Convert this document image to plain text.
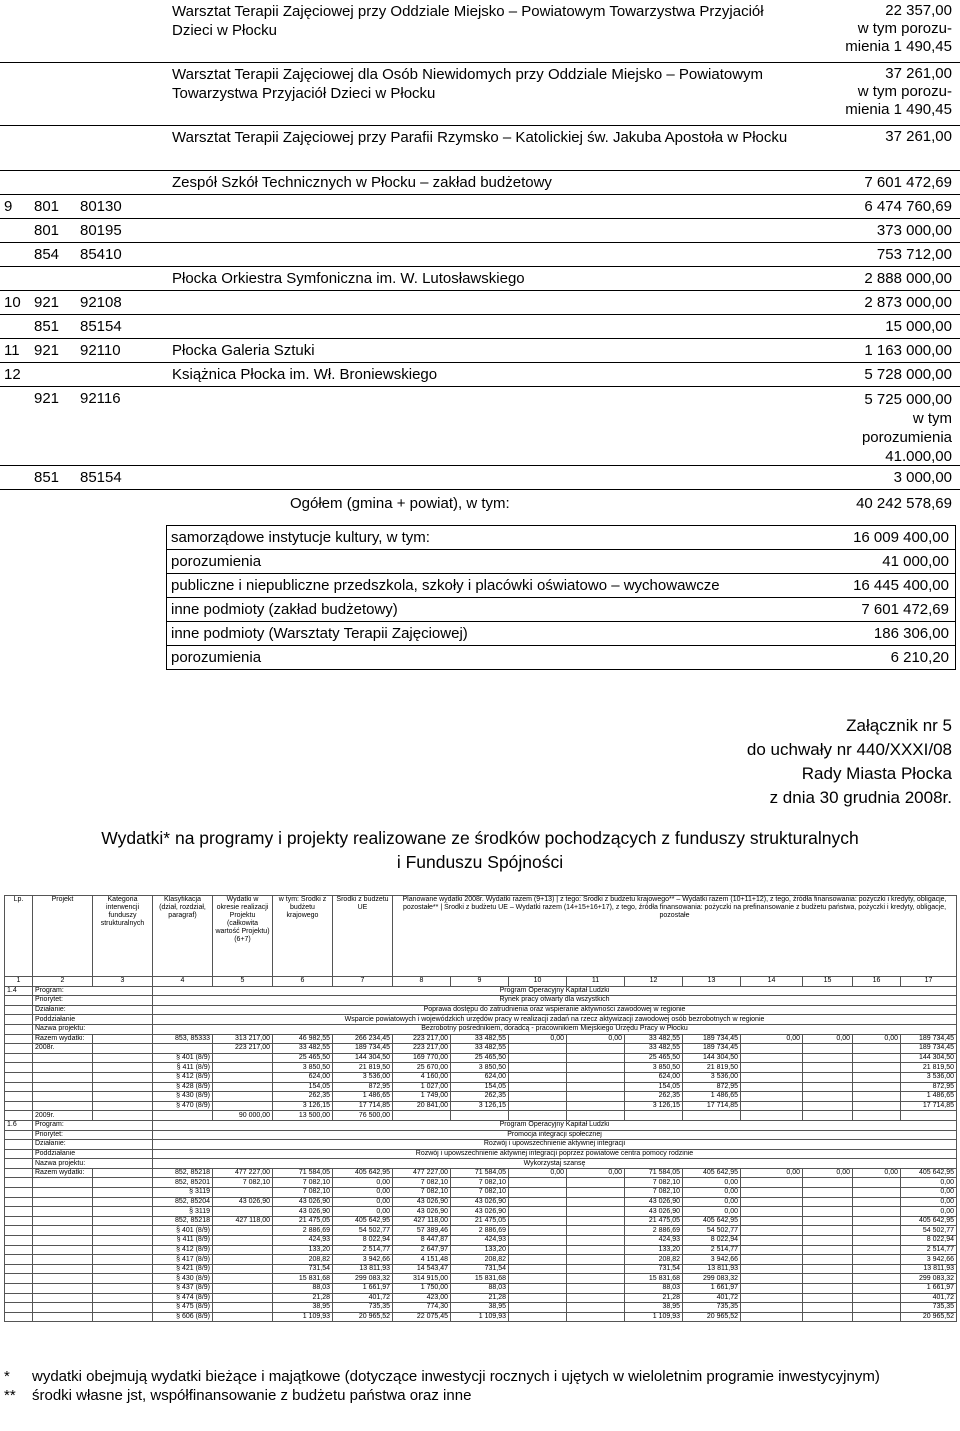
Warsztat Terapii Zajęciowej przy Oddziale Miejsko – Powiatowym Towarzystwa Przyjaciół Dzieci w Płocku
22 357,00
w tym porozu-
mienia 1 490,45
Warsztat Terapii Zajęciowej dla Osób Niewidomych przy Oddziale Miejsko – Powiatowym Towarzystwa Przyjaciół Dzieci w Płocku
37 261,00
w tym porozu-
mienia 1 490,45
Warsztat Terapii Zajęciowej przy Parafii Rzymsko – Katolickiej św. Jakuba Apostoła w Płocku	37 261,00
Zespół Szkół Technicznych w Płocku – zakład budżetowy	7 601 472,69
9 801 80130	6 474 760,69
801 80195	373 000,00
854 85410	753 712,00
Płocka Orkiestra Symfoniczna im. W. Lutosławskiego	2 888 000,00
10 921 92108	2 873 000,00
851 85154	15 000,00
11 921 92110	Płocka Galeria Sztuki	1 163 000,00
12	Książnica Płocka im. Wł. Broniewskiego	5 728 000,00
921 92116	5 725 000,00
w tym
porozumienia
41.000,00
851 85154	3 000,00
Ogółem (gmina + powiat), w tym:	40 242 578,69
samorządowe instytucje kultury, w tym:	16 009 400,00
porozumienia	41 000,00
publiczne i niepubliczne przedszkola, szkoły i placówki oświatowo – wychowawcze	16 445 400,00
inne podmioty (zakład budżetowy)	7 601 472,69
inne podmioty (Warsztaty Terapii Zajęciowej)	186 306,00
porozumienia	6 210,20
Załącznik nr 5
do uchwały nr 440/XXXI/08
Rady Miasta Płocka
z dnia 30 grudnia 2008r.
Wydatki* na programy i projekty realizowane ze środków pochodzących z funduszy strukturalnych
i Funduszu Spójności
Lp.	Projekt	Kategoria interwencji funduszy strukturalnych	Klasyfikacja (dział, rozdział, paragraf)	Wydatki w okresie realizacji Projektu (całkowita wartość Projektu) (6+7)	w tym: Środki z budżetu krajowego	Środki z budżetu UE	Planowane wydatki 2008r. Wydatki razem (9+13) | z tego: Środki z budżetu krajowego** – Wydatki razem (10+11+12), z tego, źródła finansowania: pożyczki i kredyty, obligacje, pozostałe** | Środki z budżetu UE – Wydatki razem (14+15+16+17), z tego, źródła finansowania: pożyczki na prefinansowanie z budżetu państwa, pożyczki i kredyty, obligacje, pozostałe									
1	2	3	4	5	6	7	8	9	10	11	12	13	14	15	16	17
1.4	Program:		Program Operacyjny Kapitał Ludzki													
	Priorytet:		Rynek pracy otwarty dla wszystkich													
	Działanie:		Poprawa dostępu do zatrudnienia oraz wspieranie aktywności zawodowej w regionie													
	Poddziałanie		Wsparcie powiatowych i wojewódzkich urzędów pracy w realizacji zadań na rzecz aktywizacji zawodowej osób bezrobotnych w regionie													
	Nazwa projektu:		Bezrobotny pośrednikiem, doradcą - pracownikiem Miejskiego Urzędu Pracy w Płocku													
	Razem wydatki:		853, 85333	313 217,00	46 982,55	266 234,45	223 217,00	33 482,55	0,00	0,00	33 482,55	189 734,45	0,00	0,00	0,00	189 734,45
	2008r.			223 217,00	33 482,55	189 734,45	223 217,00	33 482,55			33 482,55	189 734,45				189 734,45
			§ 401 (8/9)		25 465,50	144 304,50	169 770,00	25 465,50			25 465,50	144 304,50				144 304,50
			§ 411 (8/9)		3 850,50	21 819,50	25 670,00	3 850,50			3 850,50	21 819,50				21 819,50
			§ 412 (8/9)		624,00	3 536,00	4 160,00	624,00			624,00	3 536,00				3 536,00
			§ 428 (8/9)		154,05	872,95	1 027,00	154,05			154,05	872,95				872,95
			§ 430 (8/9)		262,35	1 486,65	1 749,00	262,35			262,35	1 486,65				1 486,65
			§ 470 (8/9)		3 126,15	17 714,85	20 841,00	3 126,15			3 126,15	17 714,85				17 714,85
	2009r.			90 000,00	13 500,00	76 500,00										
1.6	Program:		Program Operacyjny Kapitał Ludzki													
	Priorytet:		Promocja integracji społecznej													
	Działanie:		Rozwój i upowszechnienie aktywnej integracji													
	Poddziałanie		Rozwój i upowszechnienie aktywnej integracji poprzez powiatowe centra pomocy rodzinie													
	Nazwa projektu:		Wykorzystaj szansę													
	Razem wydatki:		852, 85218	477 227,00	71 584,05	405 642,95	477 227,00	71 584,05	0,00	0,00	71 584,05	405 642,95	0,00	0,00	0,00	405 642,95
			852, 85201	7 082,10	7 082,10	0,00	7 082,10	7 082,10			7 082,10	0,00				0,00
			§ 3119		7 082,10	0,00	7 082,10	7 082,10			7 082,10	0,00				0,00
			852, 85204	43 026,90	43 026,90	0,00	43 026,90	43 026,90			43 026,90	0,00				0,00
			§ 3119		43 026,90	0,00	43 026,90	43 026,90			43 026,90	0,00				0,00
			852, 85218	427 118,00	21 475,05	405 642,95	427 118,00	21 475,05			21 475,05	405 642,95				405 642,95
			§ 401 (8/9)		2 886,69	54 502,77	57 389,46	2 886,69			2 886,69	54 502,77				54 502,77
			§ 411 (8/9)		424,93	8 022,94	8 447,87	424,93			424,93	8 022,94				8 022,94
			§ 412 (8/9)		133,20	2 514,77	2 647,97	133,20			133,20	2 514,77				2 514,77
			§ 417 (8/9)		208,82	3 942,66	4 151,48	208,82			208,82	3 942,66				3 942,66
			§ 421 (8/9)		731,54	13 811,93	14 543,47	731,54			731,54	13 811,93				13 811,93
			§ 430 (8/9)		15 831,68	299 083,32	314 915,00	15 831,68			15 831,68	299 083,32				299 083,32
			§ 437 (8/9)		88,03	1 661,97	1 750,00	88,03			88,03	1 661,97				1 661,97
			§ 474 (8/9)		21,28	401,72	423,00	21,28			21,28	401,72				401,72
			§ 475 (8/9)		38,95	735,35	774,30	38,95			38,95	735,35				735,35
			§ 606 (8/9)		1 109,93	20 965,52	22 075,45	1 109,93			1 109,93	20 965,52				20 965,52
* wydatki obejmują wydatki bieżące i majątkowe (dotyczące inwestycji rocznych i ujętych w wieloletnim programie inwestycyjnym)
** środki własne jst, współfinansowanie z budżetu państwa oraz inne
